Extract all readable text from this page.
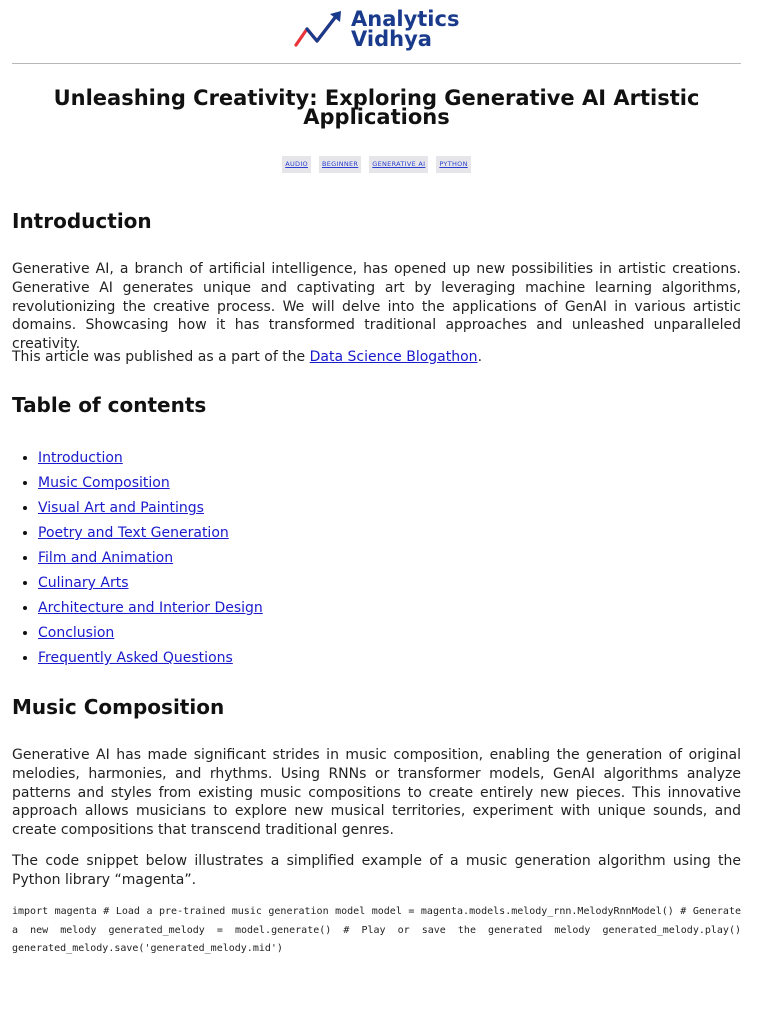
Analytics
Vidhya
Unleashing Creativity: Exploring Generative AI Artistic Applications
AUDIO BEGINNER GENERATIVE AI PYTHON
Introduction

Generative AI, a branch of artificial intelligence, has opened up new possibilities in artistic creations. Generative AI generates unique and captivating art by leveraging machine learning algorithms, revolutionizing the creative process. We will delve into the applications of GenAI in various artistic domains. Showcasing how it has transformed traditional approaches and unleashed unparalleled creativity.

This article was published as a part of the Data Science Blogathon.

Table of contents
• Introduction
• Music Composition
• Visual Art and Paintings
• Poetry and Text Generation
• Film and Animation
• Culinary Arts
• Architecture and Interior Design
• Conclusion
• Frequently Asked Questions
Music Composition

Generative AI has made significant strides in music composition, enabling the generation of original melodies, harmonies, and rhythms. Using RNNs or transformer models, GenAI algorithms analyze patterns and styles from existing music compositions to create entirely new pieces. This innovative approach allows musicians to explore new musical territories, experiment with unique sounds, and create compositions that transcend traditional genres.

The code snippet below illustrates a simplified example of a music generation algorithm using the Python library “magenta”.

import magenta # Load a pre-trained music generation model model = magenta.models.melody_rnn.MelodyRnnModel() # Generate a new melody generated_melody = model.generate() # Play or save the generated melody generated_melody.play() generated_melody.save('generated_melody.mid')
